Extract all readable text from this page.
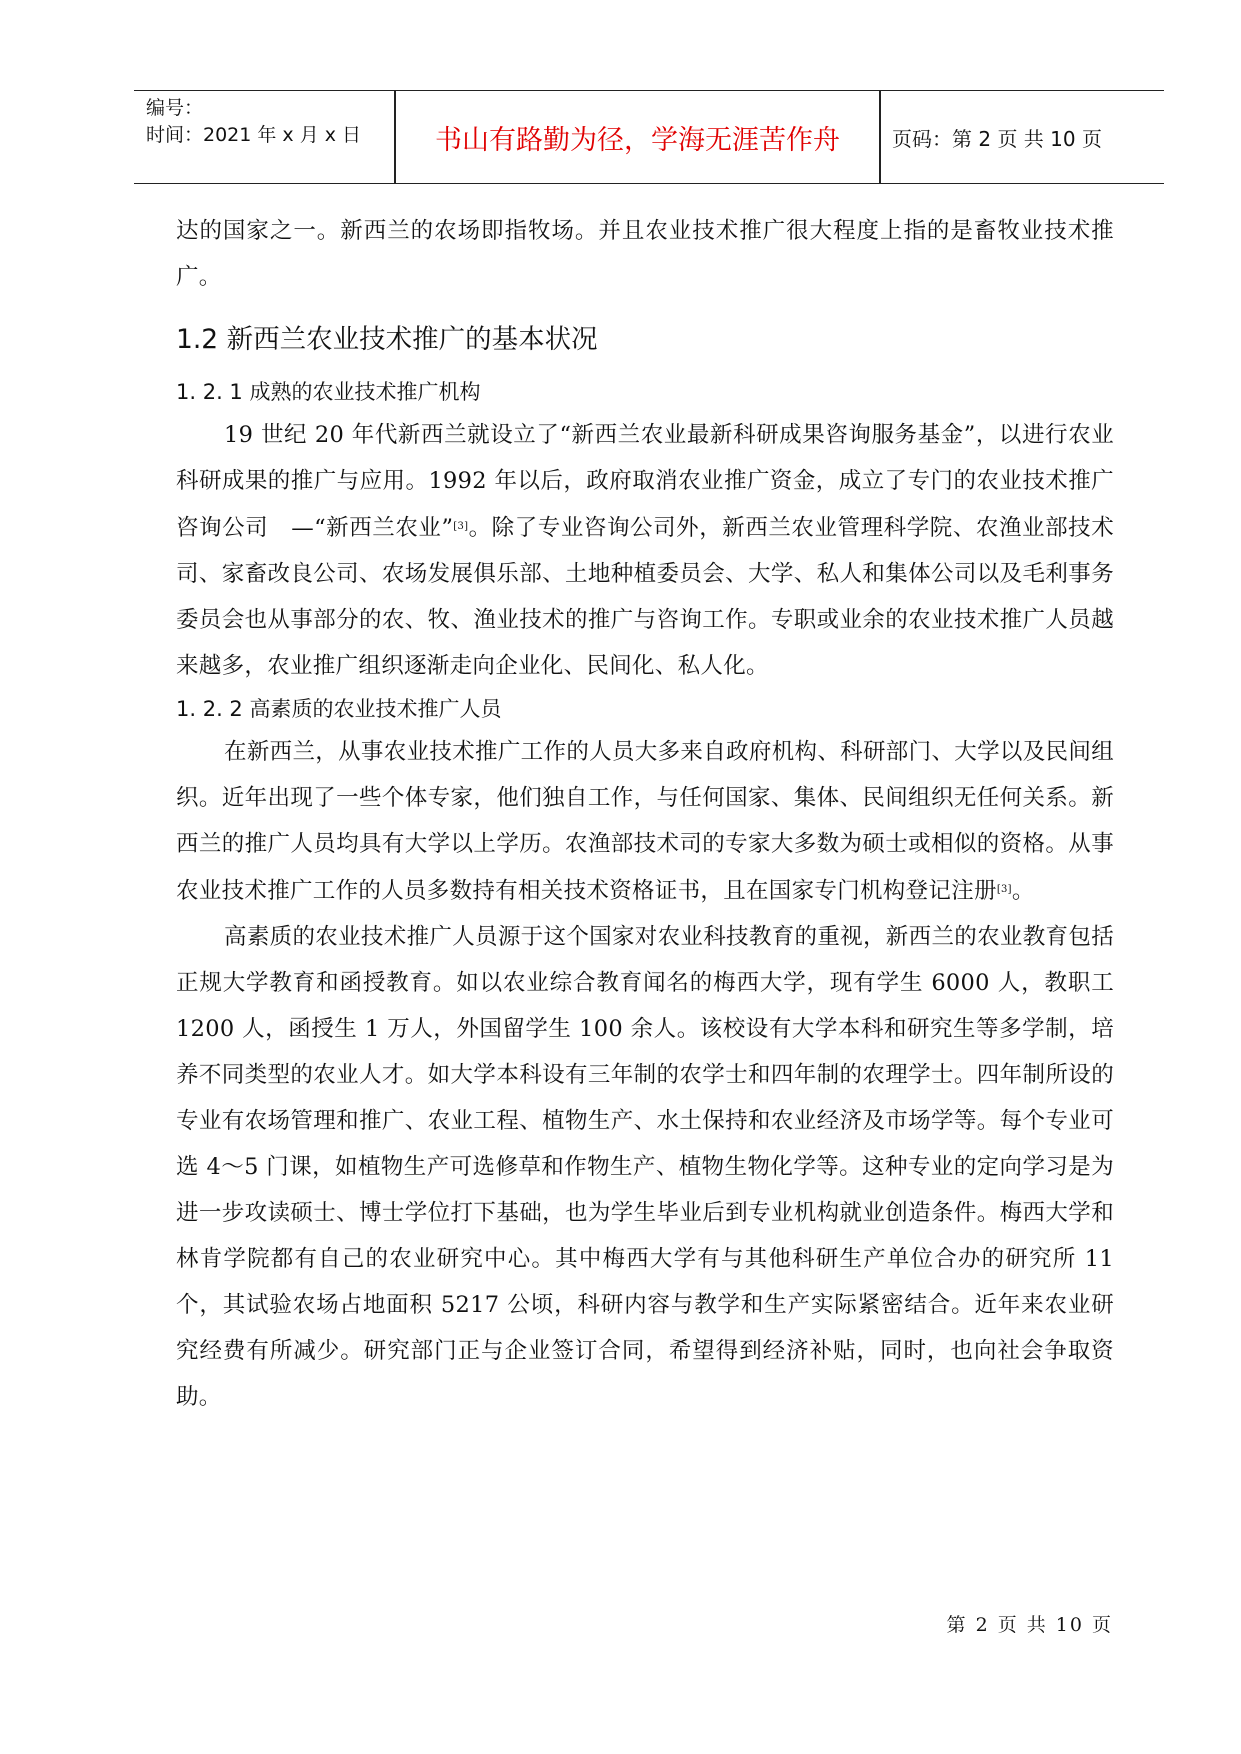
编号：
时间：2021 年 x 月 x 日	书山有路勤为径，学海无涯苦作舟	页码：第 2 页 共 10 页

达的国家之一。新西兰的农场即指牧场。并且农业技术推广很大程度上指的是畜牧业技术推广。

1.2 新西兰农业技术推广的基本状况
1. 2. 1 成熟的农业技术推广机构

19 世纪 20 年代新西兰就设立了“新西兰农业最新科研成果咨询服务基金”，以进行农业科研成果的推广与应用。1992 年以后，政府取消农业推广资金，成立了专门的农业技术推广咨询公司　—“新西兰农业”[3]。除了专业咨询公司外，新西兰农业管理科学院、农渔业部技术司、家畜改良公司、农场发展俱乐部、土地种植委员会、大学、私人和集体公司以及毛利事务委员会也从事部分的农、牧、渔业技术的推广与咨询工作。专职或业余的农业技术推广人员越来越多，农业推广组织逐渐走向企业化、民间化、私人化。

1. 2. 2 高素质的农业技术推广人员

在新西兰，从事农业技术推广工作的人员大多来自政府机构、科研部门、大学以及民间组织。近年出现了一些个体专家，他们独自工作，与任何国家、集体、民间组织无任何关系。新西兰的推广人员均具有大学以上学历。农渔部技术司的专家大多数为硕士或相似的资格。从事农业技术推广工作的人员多数持有相关技术资格证书，且在国家专门机构登记注册[3]。

高素质的农业技术推广人员源于这个国家对农业科技教育的重视，新西兰的农业教育包括正规大学教育和函授教育。如以农业综合教育闻名的梅西大学，现有学生 6000 人，教职工 1200 人，函授生 1 万人，外国留学生 100 余人。该校设有大学本科和研究生等多学制，培养不同类型的农业人才。如大学本科设有三年制的农学士和四年制的农理学士。四年制所设的专业有农场管理和推广、农业工程、植物生产、水土保持和农业经济及市场学等。每个专业可选 4～5 门课，如植物生产可选修草和作物生产、植物生物化学等。这种专业的定向学习是为进一步攻读硕士、博士学位打下基础，也为学生毕业后到专业机构就业创造条件。梅西大学和林肯学院都有自己的农业研究中心。其中梅西大学有与其他科研生产单位合办的研究所 11 个，其试验农场占地面积 5217 公顷，科研内容与教学和生产实际紧密结合。近年来农业研究经费有所减少。研究部门正与企业签订合同，希望得到经济补贴，同时，也向社会争取资助。

第 2 页 共 10 页
